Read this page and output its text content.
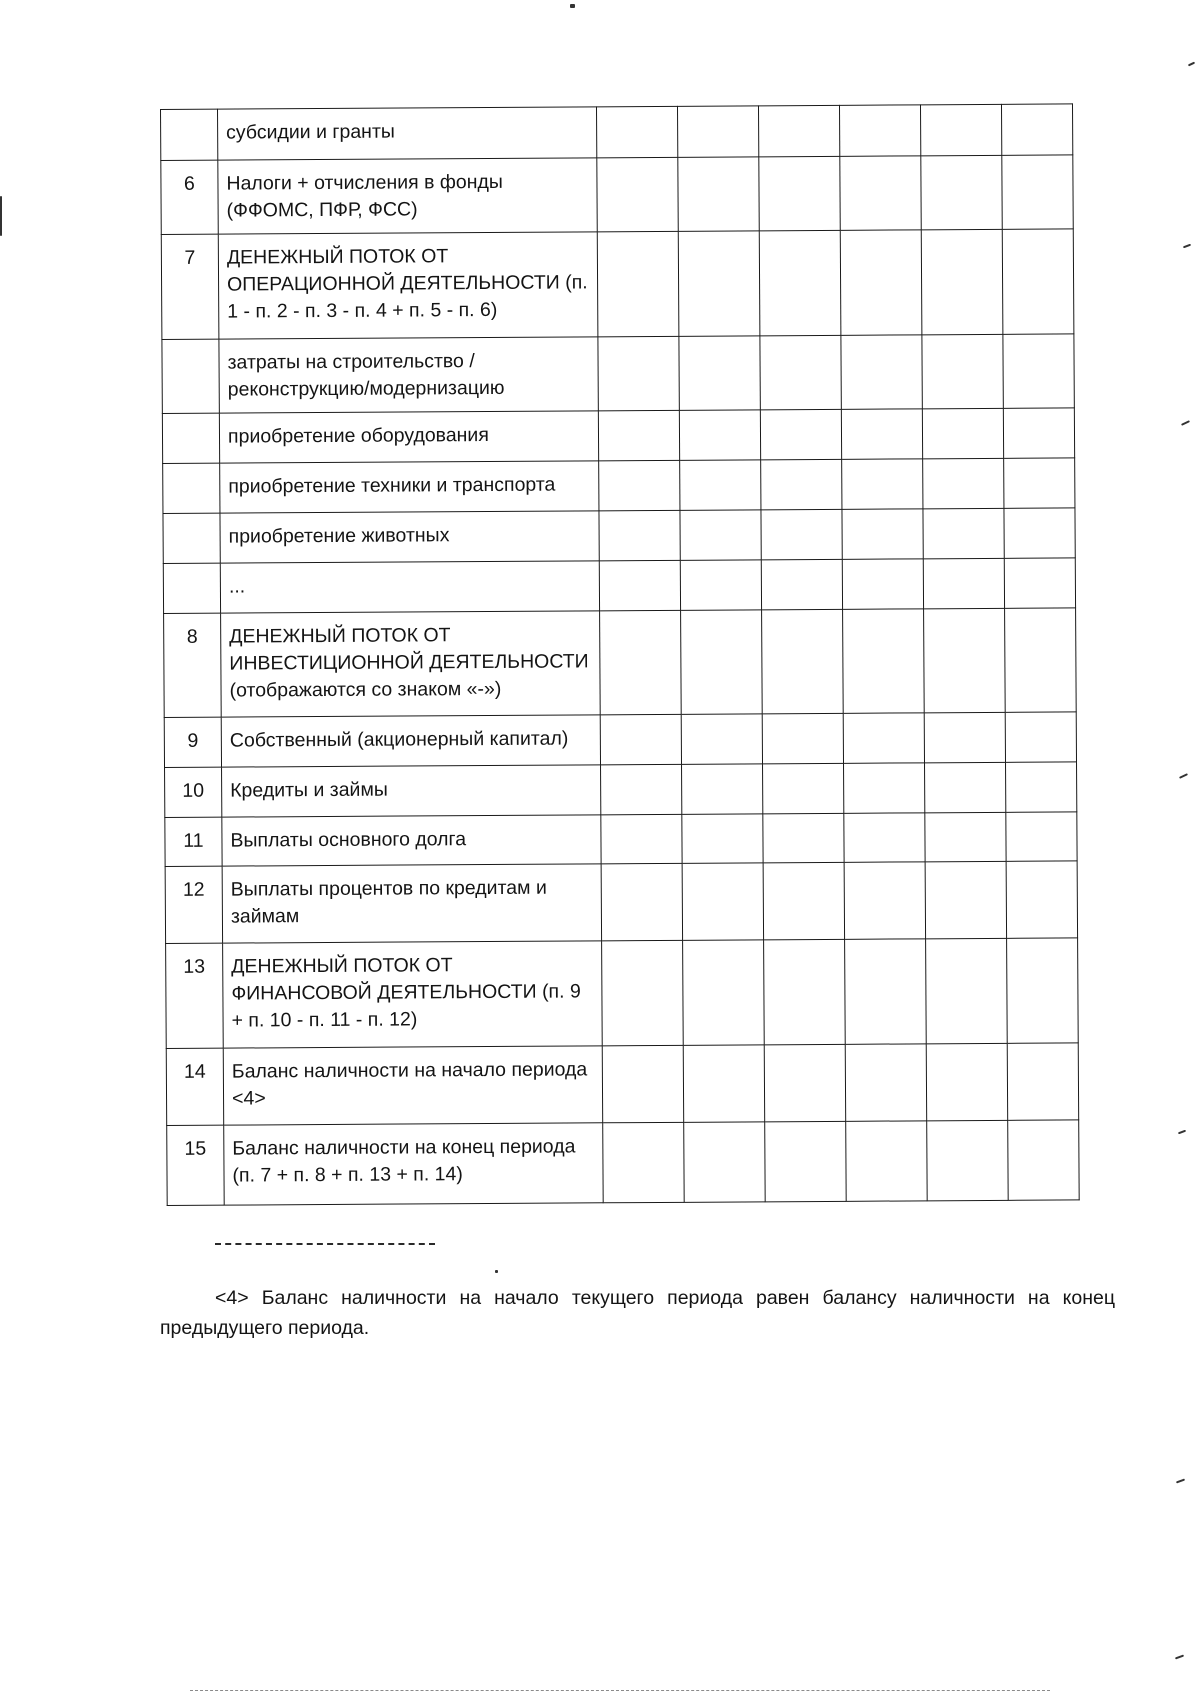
	субсидии и гранты						
6	Налоги + отчисления в фонды (ФФОМС, ПФР, ФСС)						
7	ДЕНЕЖНЫЙ ПОТОК ОТ ОПЕРАЦИОННОЙ ДЕЯТЕЛЬНОСТИ (п. 1 - п. 2 - п. 3 - п. 4 + п. 5 - п. 6)						
	затраты на строительство /реконструкцию/модернизацию						
	приобретение оборудования						
	приобретение техники и транспорта						
	приобретение животных						
	...						
8	ДЕНЕЖНЫЙ ПОТОК ОТ ИНВЕСТИЦИОННОЙ ДЕЯТЕЛЬНОСТИ (отображаются со знаком «-»)						
9	Собственный (акционерный капитал)						
10	Кредиты и займы						
11	Выплаты основного долга						
12	Выплаты процентов по кредитам и займам						
13	ДЕНЕЖНЫЙ ПОТОК ОТ ФИНАНСОВОЙ ДЕЯТЕЛЬНОСТИ (п. 9 + п. 10 - п. 11 - п. 12)						
14	Баланс наличности на начало периода <4>						
15	Баланс наличности на конец периода (п. 7 + п. 8 + п. 13 + п. 14)						
<4> Баланс наличности на начало текущего периода равен балансу наличности на конец предыдущего периода.
